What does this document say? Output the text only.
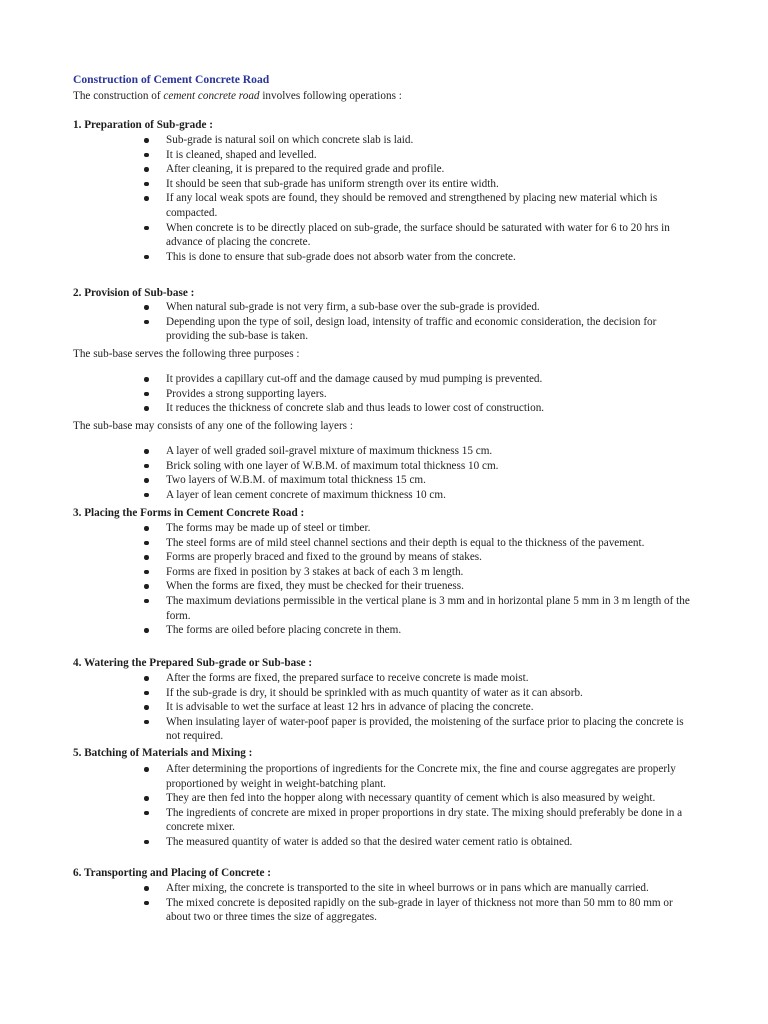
Construction of Cement Concrete Road
The construction of cement concrete road involves following operations :
1. Preparation of Sub-grade :
Sub-grade is natural soil on which concrete slab is laid.
It is cleaned, shaped and levelled.
After cleaning, it is prepared to the required grade and profile.
It should be seen that sub-grade has uniform strength over its entire width.
If any local weak spots are found, they should be removed and strengthened by placing new material which is compacted.
When concrete is to be directly placed on sub-grade, the surface should be saturated with water for 6 to 20 hrs in advance of placing the concrete.
This is done to ensure that sub-grade does not absorb water from the concrete.
2. Provision of Sub-base :
When natural sub-grade is not very firm, a sub-base over the sub-grade is provided.
Depending upon the type of soil, design load, intensity of traffic and economic consideration, the decision for providing the sub-base is taken.
The sub-base serves the following three purposes :
It provides a capillary cut-off and the damage caused by mud pumping is prevented.
Provides a strong supporting layers.
It reduces the thickness of concrete slab and thus leads to lower cost of construction.
The sub-base may consists of any one of the following layers :
A layer of well graded soil-gravel mixture of maximum thickness 15 cm.
Brick soling with one layer of W.B.M. of maximum total thickness 10 cm.
Two layers of W.B.M. of maximum total thickness 15 cm.
A layer of lean cement concrete of maximum thickness 10 cm.
3. Placing the Forms in Cement Concrete Road :
The forms may be made up of steel or timber.
The steel forms are of mild steel channel sections and their depth is equal to the thickness of the pavement.
Forms are properly braced and fixed to the ground by means of stakes.
Forms are fixed in position by 3 stakes at back of each 3 m length.
When the forms are fixed, they must be checked for their trueness.
The maximum deviations permissible in the vertical plane is 3 mm and in horizontal plane 5 mm in 3 m length of the form.
The forms are oiled before placing concrete in them.
4. Watering the Prepared Sub-grade or Sub-base :
After the forms are fixed, the prepared surface to receive concrete is made moist.
If the sub-grade is dry, it should be sprinkled with as much quantity of water as it can absorb.
It is advisable to wet the surface at least 12 hrs in advance of placing the concrete.
When insulating layer of water-poof paper is provided, the moistening of the surface prior to placing the concrete is not required.
5. Batching of Materials and Mixing :
After determining the proportions of ingredients for the Concrete mix, the fine and course aggregates are properly proportioned by weight in weight-batching plant.
They are then fed into the hopper along with necessary quantity of cement which is also measured by weight.
The ingredients of concrete are mixed in proper proportions in dry state. The mixing should preferably be done in a concrete mixer.
The measured quantity of water is added so that the desired water cement ratio is obtained.
6. Transporting and Placing of Concrete :
After mixing, the concrete is transported to the site in wheel burrows or in pans which are manually carried.
The mixed concrete is deposited rapidly on the sub-grade in layer of thickness not more than 50 mm to 80 mm or about two or three times the size of aggregates.
